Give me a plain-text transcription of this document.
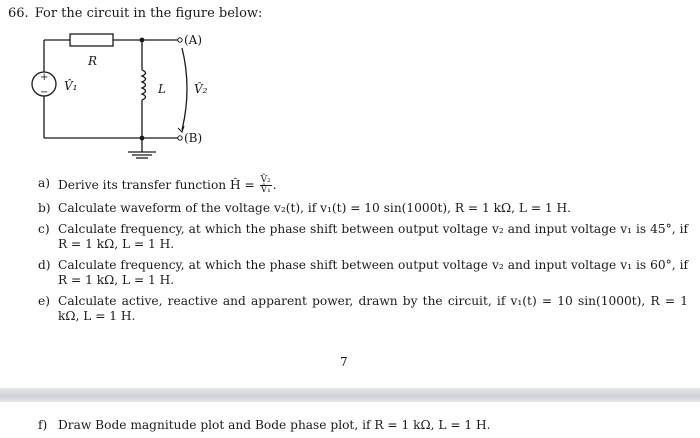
66. For the circuit in the figure below:
+
− V̂₁
R
L V̂₂
(A)
(B)
a) Derive its transfer function Ĥ = $\frac{\text{V̂₂}}{\text{V̂₁}}$ .
b) Calculate waveform of the voltage v₂(t), if v₁(t) = 10 sin(1000t), R = 1 kΩ, L = 1 H.
c) Calculate frequency, at which the phase shift between output voltage v₂ and input voltage v₁ is 45°, if R = 1 kΩ, L = 1 H.
d) Calculate frequency, at which the phase shift between output voltage v₂ and input voltage v₁ is 60°, if R = 1 kΩ, L = 1 H.
e) Calculate active, reactive and apparent power, drawn by the circuit, if v₁(t) = 10 sin(1000t), R = 1 kΩ, L = 1 H.
7
f) Draw Bode magnitude plot and Bode phase plot, if R = 1 kΩ, L = 1 H.
